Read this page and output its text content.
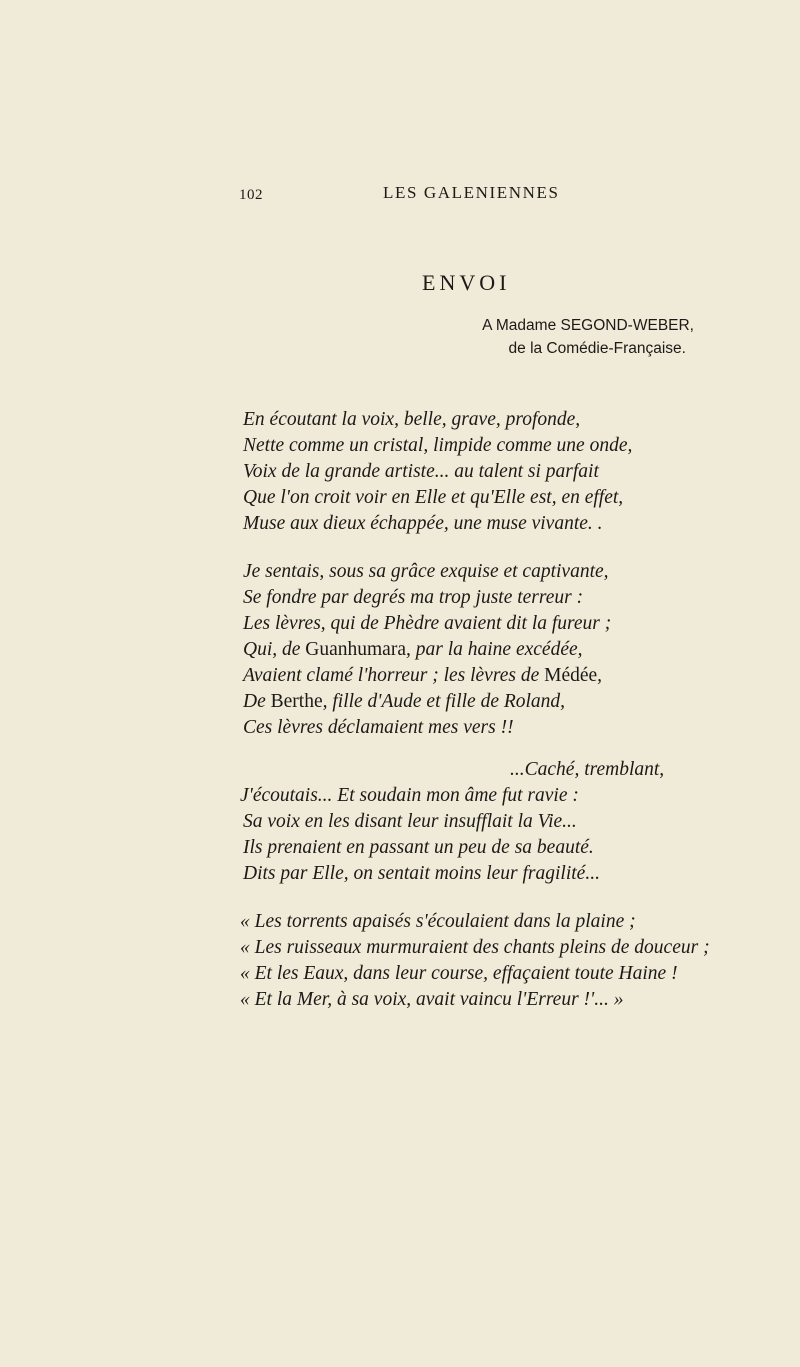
102	LES GALENIENNES
ENVOI
A Madame SEGOND-WEBER,
de la Comédie-Française.
En écoutant la voix, belle, grave, profonde,
Nette comme un cristal, limpide comme une onde,
Voix de la grande artiste... au talent si parfait
Que l'on croit voir en Elle et qu'Elle est, en effet,
Muse aux dieux échappée, une muse vivante. .
Je sentais, sous sa grâce exquise et captivante,
Se fondre par degrés ma trop juste terreur :
Les lèvres, qui de Phèdre avaient dit la fureur ;
Qui, de Guanhumara, par la haine excédée,
Avaient clamé l'horreur ; les lèvres de Médée,
De Berthe, fille d'Aude et fille de Roland,
Ces lèvres déclamaient mes vers !!
...Caché, tremblant,
J'écoutais... Et soudain mon âme fut ravie :
Sa voix en les disant leur insufflait la Vie...
Ils prenaient en passant un peu de sa beauté.
Dits par Elle, on sentait moins leur fragilité...
« Les torrents apaisés s'écoulaient dans la plaine ;
« Les ruisseaux murmuraient des chants pleins de douceur ;
« Et les Eaux, dans leur course, effaçaient toute Haine !
« Et la Mer, à sa voix, avait vaincu l'Erreur !'... »
